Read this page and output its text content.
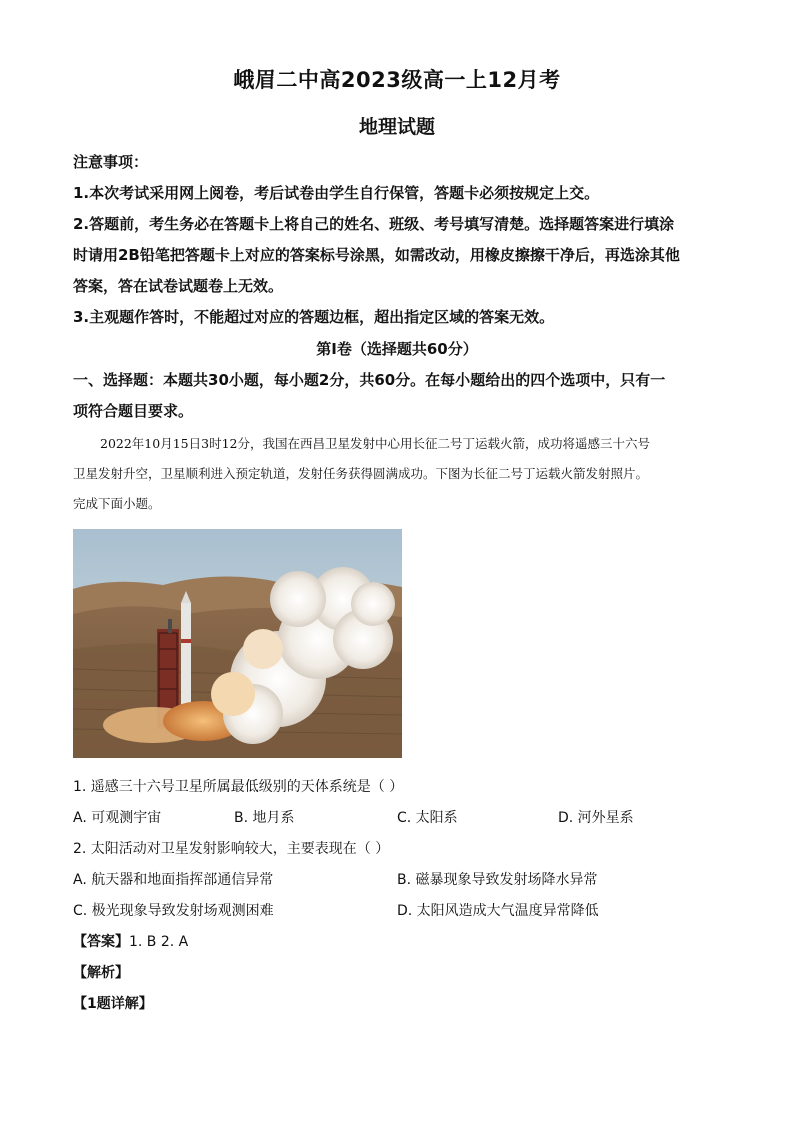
峨眉二中高2023级高一上12月考
地理试题
注意事项：
1.本次考试采用网上阅卷，考后试卷由学生自行保管，答题卡必须按规定上交。
2.答题前，考生务必在答题卡上将自己的姓名、班级、考号填写清楚。选择题答案进行填涂
时请用2B铅笔把答题卡上对应的答案标号涂黑，如需改动，用橡皮擦擦干净后，再选涂其他
答案，答在试卷试题卷上无效。
3.主观题作答时，不能超过对应的答题边框，超出指定区域的答案无效。
第Ⅰ卷（选择题共60分）
一、选择题：本题共30小题，每小题2分，共60分。在每小题给出的四个选项中，只有一
项符合题目要求。
2022年10月15日3时12分，我国在西昌卫星发射中心用长征二号丁运载火箭，成功将遥感三十六号
卫星发射升空，卫星顺利进入预定轨道，发射任务获得圆满成功。下图为长征二号丁运载火箭发射照片。
完成下面小题。
1. 遥感三十六号卫星所属最低级别的天体系统是（ ）
A. 可观测宇宙	B. 地月系	C. 太阳系	D. 河外星系
2. 太阳活动对卫星发射影响较大，主要表现在（ ）
A. 航天器和地面指挥部通信异常	B. 磁暴现象导致发射场降水异常
C. 极光现象导致发射场观测困难	D. 太阳风造成大气温度异常降低
【答案】1. B 2. A
【解析】
【1题详解】
